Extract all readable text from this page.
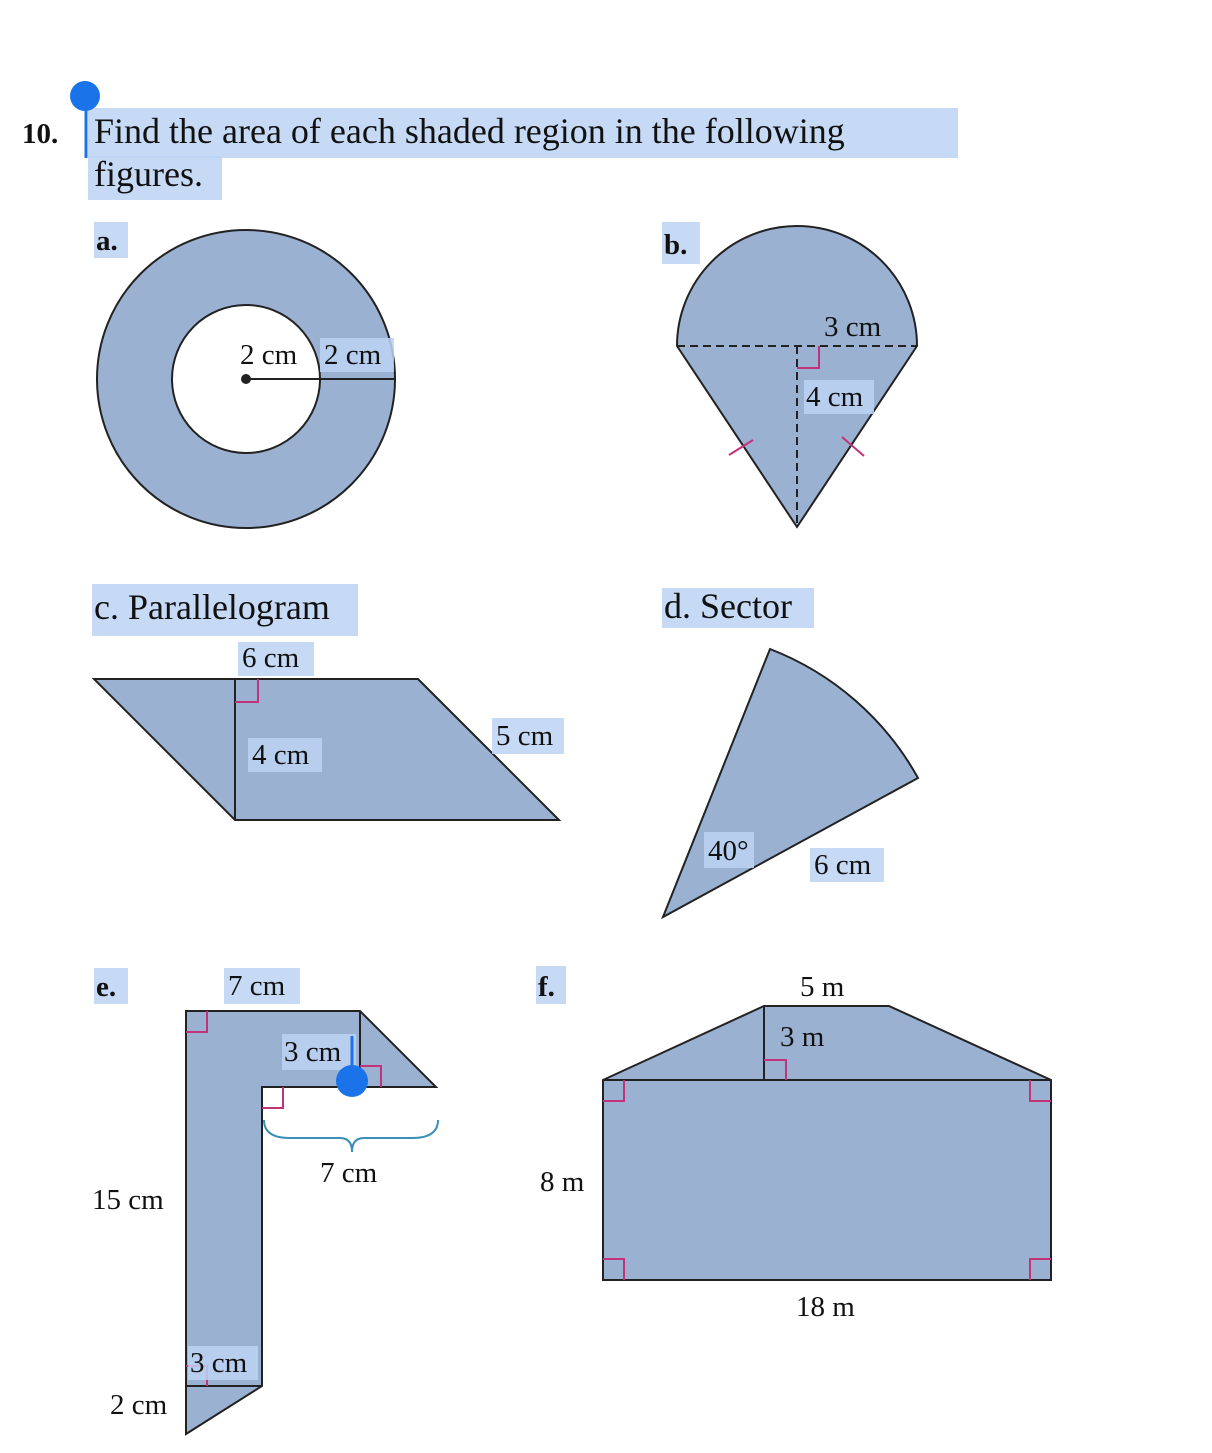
10. Find the area of each shaded region in the following
figures.
a.
2 cm 2 cm
b.
3 cm
4 cm
c. Parallelogram
6 cm
4 cm
5 cm
d. Sector
40° 6 cm
e.	7 cm
3 cm
7 cm
15 cm
3 cm
2 cm
f.	5 m
3 m
8 m
18 m
